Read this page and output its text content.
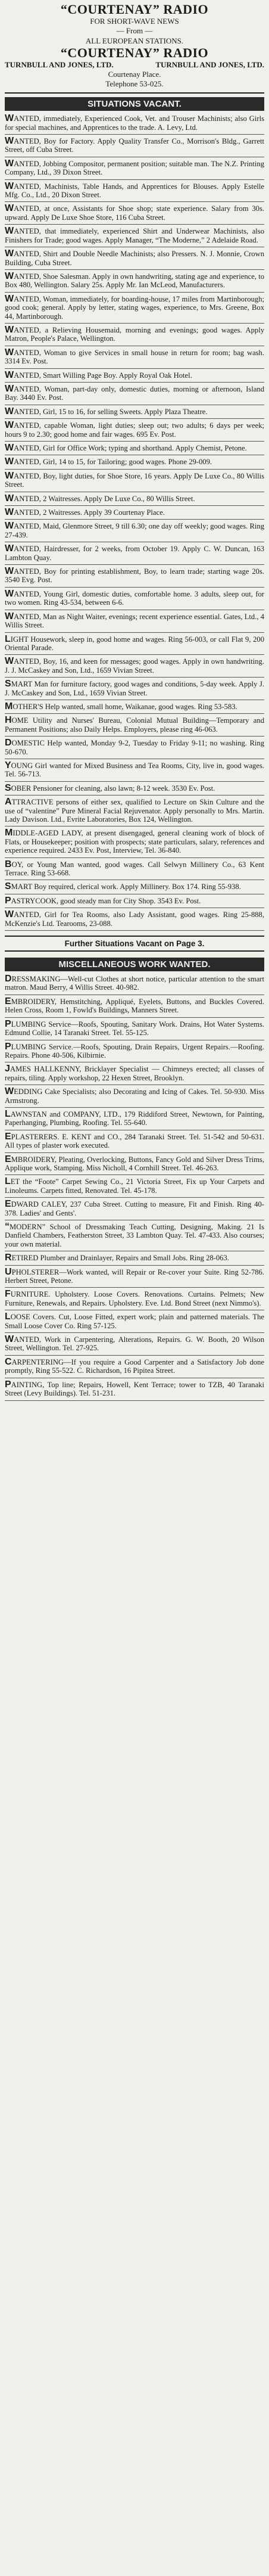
“COURTENAY” RADIO
FOR SHORT-WAVE NEWS
— From —
ALL EUROPEAN STATIONS.
“COURTENAY” RADIO
TURNBULL AND JONES, LTD.	TURNBULL AND JONES, LTD.
Courtenay Place.
Telephone 53-025.
SITUATIONS VACANT.

WANTED, immediately, Experienced Cook, Vet. and Trouser Machinists; also Girls for special machines, and Apprentices to the trade. A. Levy, Ltd.

WANTED, Boy for Factory. Apply Quality Transfer Co., Morrison's Bldg., Garrett Street, off Cuba Street.

WANTED, Jobbing Compositor, permanent position; suitable man. The N.Z. Printing Company, Ltd., 39 Dixon Street.

WANTED, Machinists, Table Hands, and Apprentices for Blouses. Apply Estelle Mfg. Co., Ltd., 20 Dixon Street.

WANTED, at once, Assistants for Shoe shop; state experience. Salary from 30s. upward. Apply De Luxe Shoe Store, 116 Cuba Street.

WANTED, that immediately, experienced Shirt and Underwear Machinists, also Finishers for Trade; good wages. Apply Manager, “The Moderne,” 2 Adelaide Road.

WANTED, Shirt and Double Needle Machinists; also Pressers. N. J. Monnie, Crown Building, Cuba Street.

WANTED, Shoe Salesman. Apply in own handwriting, stating age and experience, to Box 480, Wellington. Salary 25s. Apply Mr. Ian McLeod, Manufacturers.

WANTED, Woman, immediately, for boarding-house, 17 miles from Martinborough; good cook; general. Apply by letter, stating wages, experience, to Mrs. Greene, Box 44, Martinborough.

WANTED, a Relieving Housemaid, morning and evenings; good wages. Apply Matron, People's Palace, Wellington.

WANTED, Woman to give Services in small house in return for room; bag wash. 3314 Ev. Post.

WANTED, Smart Willing Page Boy. Apply Royal Oak Hotel.

WANTED, Woman, part-day only, domestic duties, morning or afternoon, Island Bay. 3440 Ev. Post.

WANTED, Girl, 15 to 16, for selling Sweets. Apply Plaza Theatre.

WANTED, capable Woman, light duties; sleep out; two adults; 6 days per week; hours 9 to 2.30; good home and fair wages. 695 Ev. Post.

WANTED, Girl for Office Work; typing and shorthand. Apply Chemist, Petone.

WANTED, Girl, 14 to 15, for Tailoring; good wages. Phone 29-009.

WANTED, Boy, light duties, for Shoe Store, 16 years. Apply De Luxe Co., 80 Willis Street.

WANTED, 2 Waitresses. Apply De Luxe Co., 80 Willis Street.

WANTED, 2 Waitresses. Apply 39 Courtenay Place.

WANTED, Maid, Glenmore Street, 9 till 6.30; one day off weekly; good wages. Ring 27-439.

WANTED, Hairdresser, for 2 weeks, from October 19. Apply C. W. Duncan, 163 Lambton Quay.

WANTED, Boy for printing establishment, Boy, to learn trade; starting wage 20s. 3540 Evg. Post.

WANTED, Young Girl, domestic duties, comfortable home. 3 adults, sleep out, for two women. Ring 43-534, between 6-6.

WANTED, Man as Night Waiter, evenings; recent experience essential. Gates, Ltd., 4 Willis Street.

LIGHT Housework, sleep in, good home and wages. Ring 56-003, or call Flat 9, 200 Oriental Parade.

WANTED, Boy, 16, and keen for messages; good wages. Apply in own handwriting. J. J. McCaskey and Son, Ltd., 1659 Vivian Street.

SMART Man for furniture factory, good wages and conditions, 5-day week. Apply J. J. McCaskey and Son, Ltd., 1659 Vivian Street.

MOTHER'S Help wanted, small home, Waikanae, good wages. Ring 53-583.

HOME Utility and Nurses' Bureau, Colonial Mutual Building—Temporary and Permanent Positions; also Daily Helps. Employers, please ring 46-063.

DOMESTIC Help wanted, Monday 9-2, Tuesday to Friday 9-11; no washing. Ring 50-670.

YOUNG Girl wanted for Mixed Business and Tea Rooms, City, live in, good wages. Tel. 56-713.

SOBER Pensioner for cleaning, also lawn; 8-12 week. 3530 Ev. Post.

ATTRACTIVE persons of either sex, qualified to Lecture on Skin Culture and the use of “valentine” Pure Mineral Facial Rejuvenator. Apply personally to Mrs. Martin. Lady Davison. Ltd., Evrite Laboratories, Box 124, Wellington.

MIDDLE-AGED LADY, at present disengaged, general cleaning work of block of Flats, or Housekeeper; position with prospects; state particulars, salary, references and experience required. 2433 Ev. Post, Interview, Tel. 36-840.

BOY, or Young Man wanted, good wages. Call Selwyn Millinery Co., 63 Kent Terrace. Ring 53-668.

SMART Boy required, clerical work. Apply Millinery. Box 174. Ring 55-938.

PASTRYCOOK, good steady man for City Shop. 3543 Ev. Post.

WANTED, Girl for Tea Rooms, also Lady Assistant, good wages. Ring 25-888, McKenzie's Ltd. Tearooms, 23-088.

Further Situations Vacant on Page 3.
MISCELLANEOUS WORK WANTED.

DRESSMAKING—Well-cut Clothes at short notice, particular attention to the smart matron. Maud Berry, 4 Willis Street. 40-982.

EMBROIDERY, Hemstitching, Appliqué, Eyelets, Buttons, and Buckles Covered. Helen Cross, Room 1, Fowld's Buildings, Manners Street.

PLUMBING Service—Roofs, Spouting, Sanitary Work. Drains, Hot Water Systems. Edmund Collie, 14 Taranaki Street. Tel. 55-125.

PLUMBING Service.—Roofs, Spouting, Drain Repairs, Urgent Repairs.—Roofing. Repairs. Phone 40-506, Kilbirnie.

JAMES HALLKENNY, Bricklayer Specialist — Chimneys erected; all classes of repairs, tiling. Apply workshop, 22 Hexen Street, Brooklyn.

WEDDING Cake Specialists; also Decorating and Icing of Cakes. Tel. 50-930. Miss Armstrong.

LAWNSTAN and COMPANY, LTD., 179 Riddiford Street, Newtown, for Painting, Paperhanging, Plumbing, Roofing. Tel. 55-640.

EPLASTERERS. E. KENT and CO., 284 Taranaki Street. Tel. 51-542 and 50-631. All types of plaster work executed.

EMBROIDERY, Pleating, Overlocking, Buttons, Fancy Gold and Silver Dress Trims, Applique work, Stamping. Miss Nicholl, 4 Cornhill Street. Tel. 46-263.

LET the “Foote” Carpet Sewing Co., 21 Victoria Street, Fix up Your Carpets and Linoleums. Carpets fitted, Renovated. Tel. 45-178.

EDWARD CALEY, 237 Cuba Street. Cutting to measure, Fit and Finish. Ring 40-378. Ladies' and Gents'.

“MODERN” School of Dressmaking Teach Cutting, Designing, Making. 21 Is Danfield Chambers, Featherston Street, 33 Lambton Quay. Tel. 47-433. Also courses; your own material.

RETIRED Plumber and Drainlayer, Repairs and Small Jobs. Ring 28-063.

UPHOLSTERER—Work wanted, will Repair or Re-cover your Suite. Ring 52-786. Herbert Street, Petone.

FURNITURE. Upholstery. Loose Covers. Renovations. Curtains. Pelmets; New Furniture, Renewals, and Repairs. Upholstery. Eve. Ltd. Bond Street (next Nimmo's).

LOOSE Covers. Cut, Loose Fitted, expert work; plain and patterned materials. The Small Loose Cover Co. Ring 57-125.

WANTED, Work in Carpentering, Alterations, Repairs. G. W. Booth, 20 Wilson Street, Wellington. Tel. 27-925.

CARPENTERING—If you require a Good Carpenter and a Satisfactory Job done promptly, Ring 55-522. C. Richardson, 16 Pipitea Street.

PAINTING, Top line; Repairs, Howell, Kent Terrace; tower to TZB, 40 Taranaki Street (Levy Buildings). Tel. 51-231.
